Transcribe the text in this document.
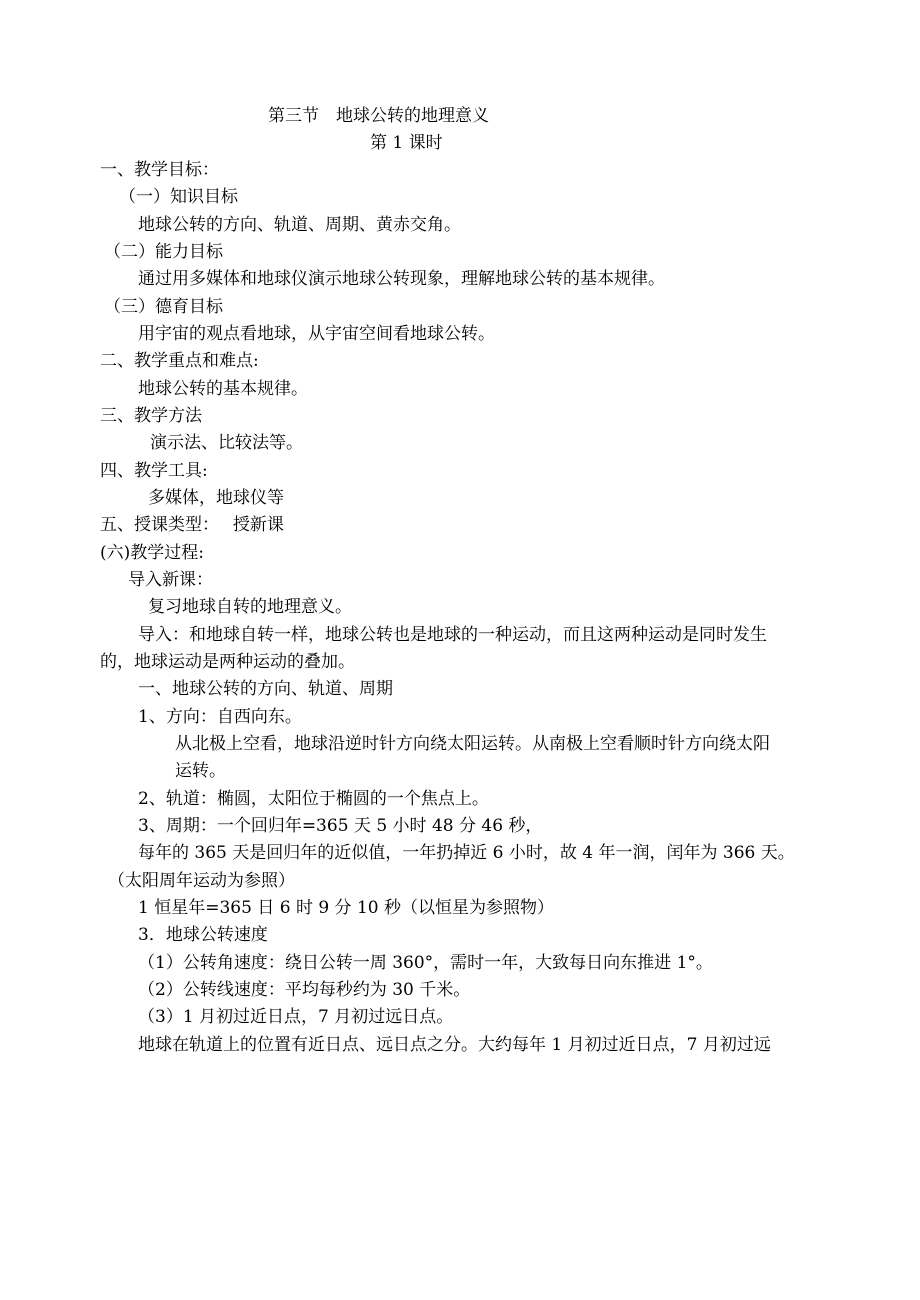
第三节　地球公转的地理意义
第 1 课时
一、教学目标：
（一）知识目标
地球公转的方向、轨道、周期、黄赤交角。
（二）能力目标
通过用多媒体和地球仪演示地球公转现象，理解地球公转的基本规律。
（三）德育目标
用宇宙的观点看地球，从宇宙空间看地球公转。
二、教学重点和难点:
地球公转的基本规律。
三、教学方法
演示法、比较法等。
四、教学工具:
多媒体，地球仪等
五、授课类型：　 授新课
(六)教学过程:
导入新课：
复习地球自转的地理意义。
导入：和地球自转一样，地球公转也是地球的一种运动，而且这两种运动是同时发生
的，地球运动是两种运动的叠加。
一、地球公转的方向、轨道、周期
1、方向：自西向东。
从北极上空看，地球沿逆时针方向绕太阳运转。从南极上空看顺时针方向绕太阳
运转。
2、轨道：椭圆，太阳位于椭圆的一个焦点上。
3、周期：一个回归年=365 天 5 小时 48 分 46 秒，
每年的 365 天是回归年的近似值，一年扔掉近 6 小时，故 4 年一润，闰年为 366 天。
（太阳周年运动为参照）
1 恒星年=365 日 6 时 9 分 10 秒（以恒星为参照物）
3．地球公转速度
（1）公转角速度：绕日公转一周 360°，需时一年，大致每日向东推进 1°。
（2）公转线速度：平均每秒约为 30 千米。
（3）1 月初过近日点，7 月初过远日点。
地球在轨道上的位置有近日点、远日点之分。大约每年 1 月初过近日点，7 月初过远
